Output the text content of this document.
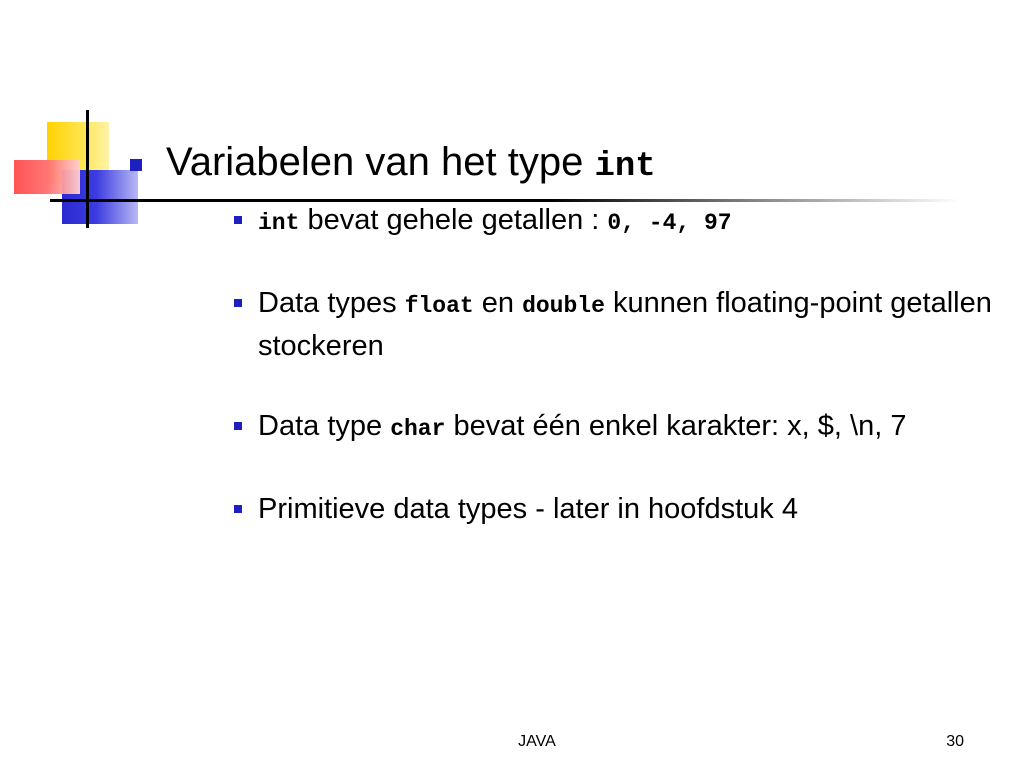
Variabelen van het type int
int bevat gehele getallen : 0, -4, 97
Data types float en double kunnen floating-point getallen stockeren
Data type char bevat één enkel karakter: x, $, \n, 7
Primitieve data types - later in hoofdstuk 4
JAVA	30
